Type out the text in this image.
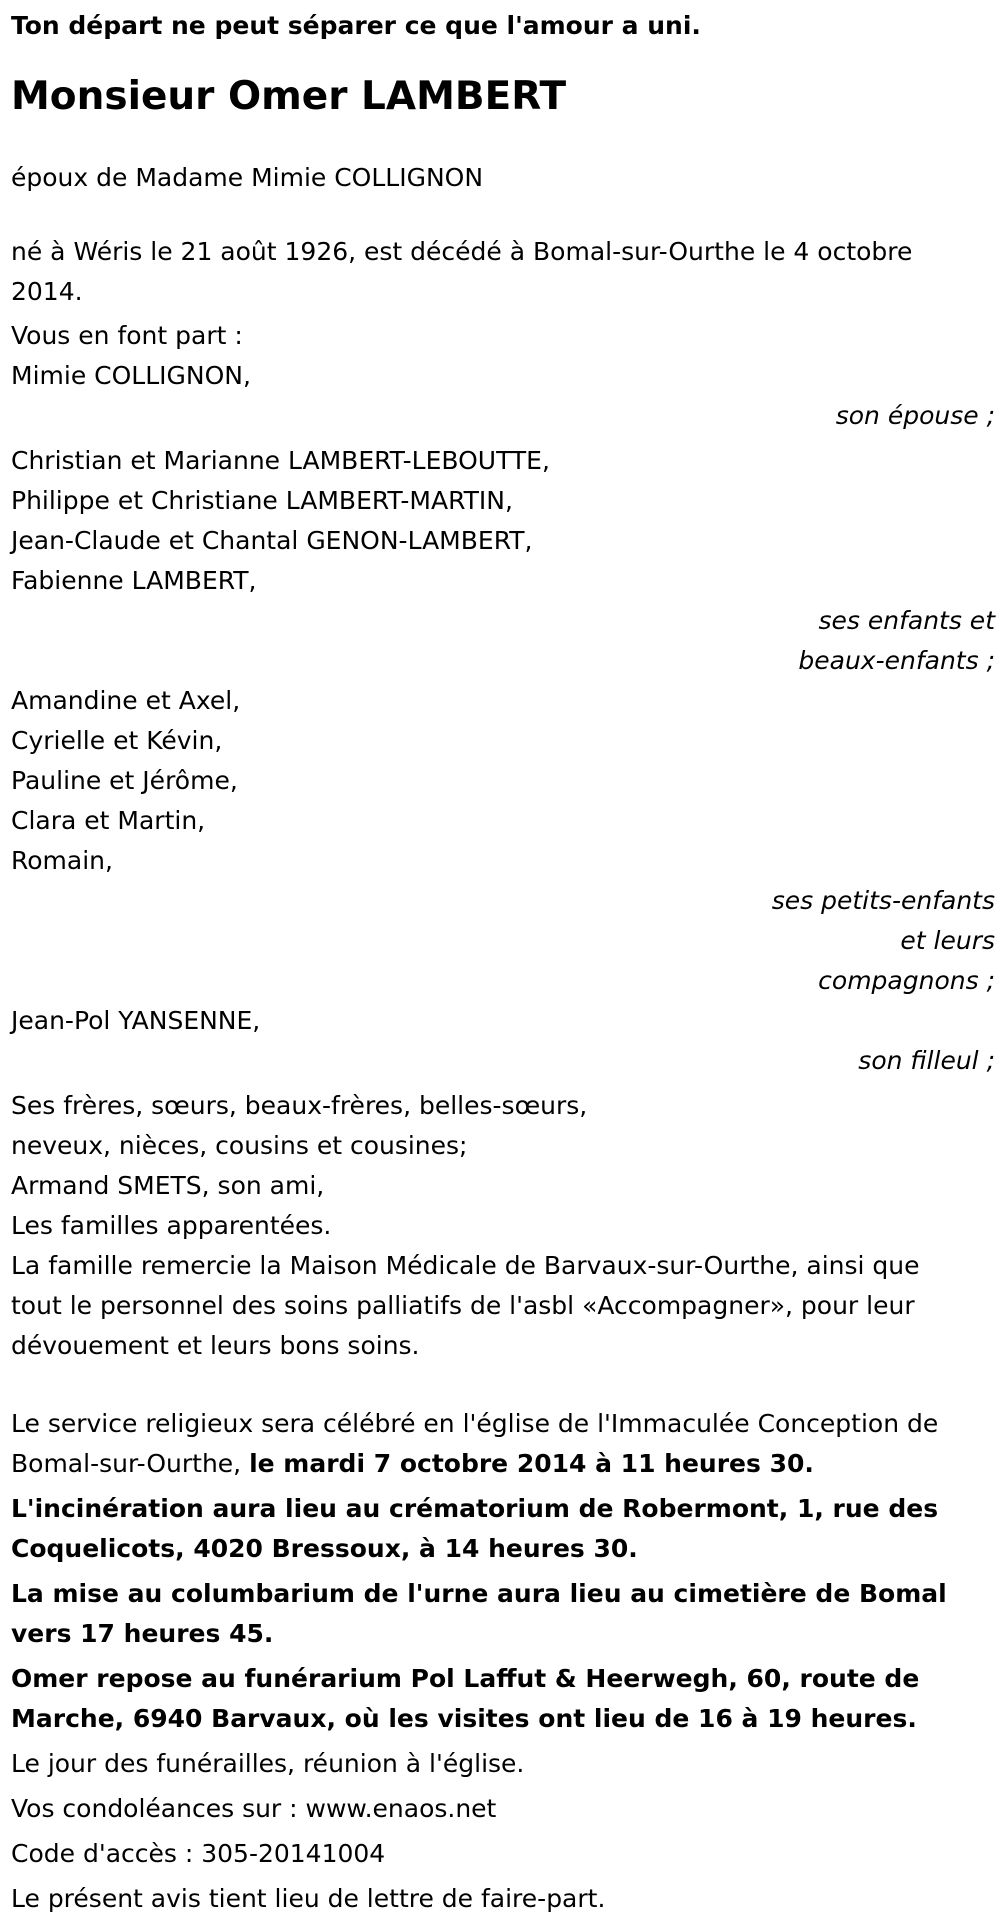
Ton départ ne peut séparer ce que l'amour a uni.
Monsieur Omer LAMBERT
époux de Madame Mimie COLLIGNON
né à Wéris le 21 août 1926, est décédé à Bomal-sur-Ourthe le 4 octobre
2014.
Vous en font part :
Mimie COLLIGNON,
son épouse ;
Christian et Marianne LAMBERT-LEBOUTTE,
Philippe et Christiane LAMBERT-MARTIN,
Jean-Claude et Chantal GENON-LAMBERT,
Fabienne LAMBERT,
ses enfants et
beaux-enfants ;
Amandine et Axel,
Cyrielle et Kévin,
Pauline et Jérôme,
Clara et Martin,
Romain,
ses petits-enfants
et leurs
compagnons ;
Jean-Pol YANSENNE,
son filleul ;
Ses frères, sœurs, beaux-frères, belles-sœurs,
neveux, nièces, cousins et cousines;
Armand SMETS, son ami,
Les familles apparentées.
La famille remercie la Maison Médicale de Barvaux-sur-Ourthe, ainsi que
tout le personnel des soins palliatifs de l'asbl «Accompagner», pour leur
dévouement et leurs bons soins.
Le service religieux sera célébré en l'église de l'Immaculée Conception de
Bomal-sur-Ourthe, le mardi 7 octobre 2014 à 11 heures 30.
L'incinération aura lieu au crématorium de Robermont, 1, rue des
Coquelicots, 4020 Bressoux, à 14 heures 30.
La mise au columbarium de l'urne aura lieu au cimetière de Bomal
vers 17 heures 45.
Omer repose au funérarium Pol Laffut & Heerwegh, 60, route de
Marche, 6940 Barvaux, où les visites ont lieu de 16 à 19 heures.
Le jour des funérailles, réunion à l'église.
Vos condoléances sur : www.enaos.net
Code d'accès : 305-20141004
Le présent avis tient lieu de lettre de faire-part.
